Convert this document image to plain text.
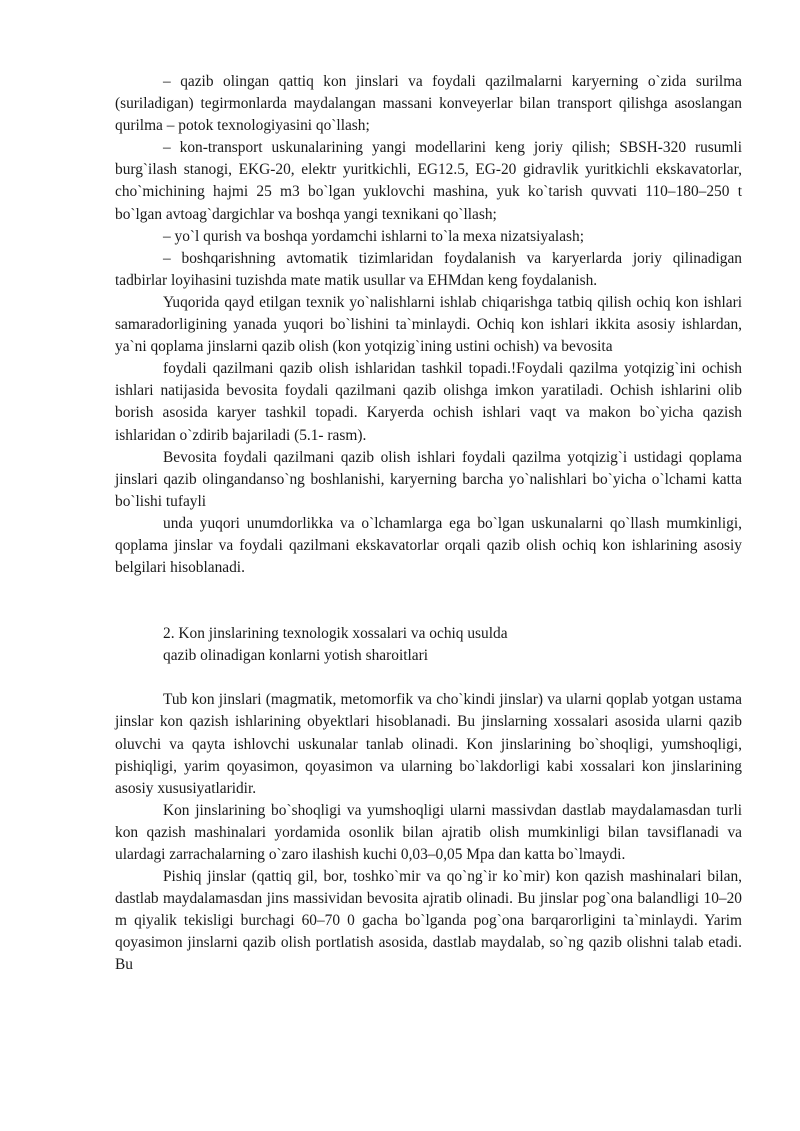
– qazib olingan qattiq kon jinslari va foydali qazilmalarni karyerning o`zida surilma (suriladigan) tegirmonlarda maydalangan massani konveyerlar bilan transport qilishga asoslangan qurilma – potok texnologiyasini qo`llash;

– kon-transport uskunalarining yangi modellarini keng joriy qilish; SBSH-320 rusumli burg`ilash stanogi, EKG-20, elektr yuritkichli, EG12.5, EG-20 gidravlik yuritkichli ekskavatorlar, cho`michining hajmi 25 m3 bo`lgan yuklovchi mashina, yuk ko`tarish quvvati 110–180–250 t bo`lgan avtoag`dargichlar va boshqa yangi texnikani qo`llash;

– yo`l qurish va boshqa yordamchi ishlarni to`la mexa nizatsiyalash;

– boshqarishning avtomatik tizimlaridan foydalanish va karyerlarda joriy qilinadigan tadbirlar loyihasini tuzishda mate matik usullar va EHMdan keng foydalanish.

Yuqorida qayd etilgan texnik yo`nalishlarni ishlab chiqarishga tatbiq qilish ochiq kon ishlari samaradorligining yanada yuqori bo`lishini ta`minlaydi. Ochiq kon ishlari ikkita asosiy ishlardan, ya`ni qoplama jinslarni qazib olish (kon yotqizig`ining ustini ochish) va bevosita

foydali qazilmani qazib olish ishlaridan tashkil topadi.!Foydali qazilma yotqizig`ini ochish ishlari natijasida bevosita foydali qazilmani qazib olishga imkon yaratiladi. Ochish ishlarini olib borish asosida karyer tashkil topadi. Karyerda ochish ishlari vaqt va makon bo`yicha qazish ishlaridan o`zdirib bajariladi (5.1- rasm).

Bevosita foydali qazilmani qazib olish ishlari foydali qazilma yotqizig`i ustidagi qoplama jinslari qazib olingandanso`ng boshlanishi, karyerning barcha yo`nalishlari bo`yicha o`lchami katta bo`lishi tufayli

unda yuqori unumdorlikka va o`lchamlarga ega bo`lgan uskunalarni qo`llash mumkinligi, qoplama jinslar va foydali qazilmani ekskavatorlar orqali qazib olish ochiq kon ishlarining asosiy belgilari hisoblanadi.

2. Kon jinslarining texnologik xossalari va ochiq usulda

qazib olinadigan konlarni yotish sharoitlari

Tub kon jinslari (magmatik, metomorfik va cho`kindi jinslar) va ularni qoplab yotgan ustama jinslar kon qazish ishlarining obyektlari hisoblanadi. Bu jinslarning xossalari asosida ularni qazib oluvchi va qayta ishlovchi uskunalar tanlab olinadi. Kon jinslarining bo`shoqligi, yumshoqligi, pishiqligi, yarim qoyasimon, qoyasimon va ularning bo`lakdorligi kabi xossalari kon jinslarining asosiy xususiyatlaridir.

Kon jinslarining bo`shoqligi va yumshoqligi ularni massivdan dastlab maydalamasdan turli kon qazish mashinalari yordamida osonlik bilan ajratib olish mumkinligi bilan tavsiflanadi va ulardagi zarrachalarning o`zaro ilashish kuchi 0,03–0,05 Mpa dan katta bo`lmaydi.

Pishiq jinslar (qattiq gil, bor, toshko`mir va qo`ng`ir ko`mir) kon qazish mashinalari bilan, dastlab maydalamasdan jins massividan bevosita ajratib olinadi. Bu jinslar pog`ona balandligi 10–20 m qiyalik tekisligi burchagi 60–70 0 gacha bo`lganda pog`ona barqarorligini ta`minlaydi. Yarim qoyasimon jinslarni qazib olish portlatish asosida, dastlab maydalab, so`ng qazib olishni talab etadi. Bu
